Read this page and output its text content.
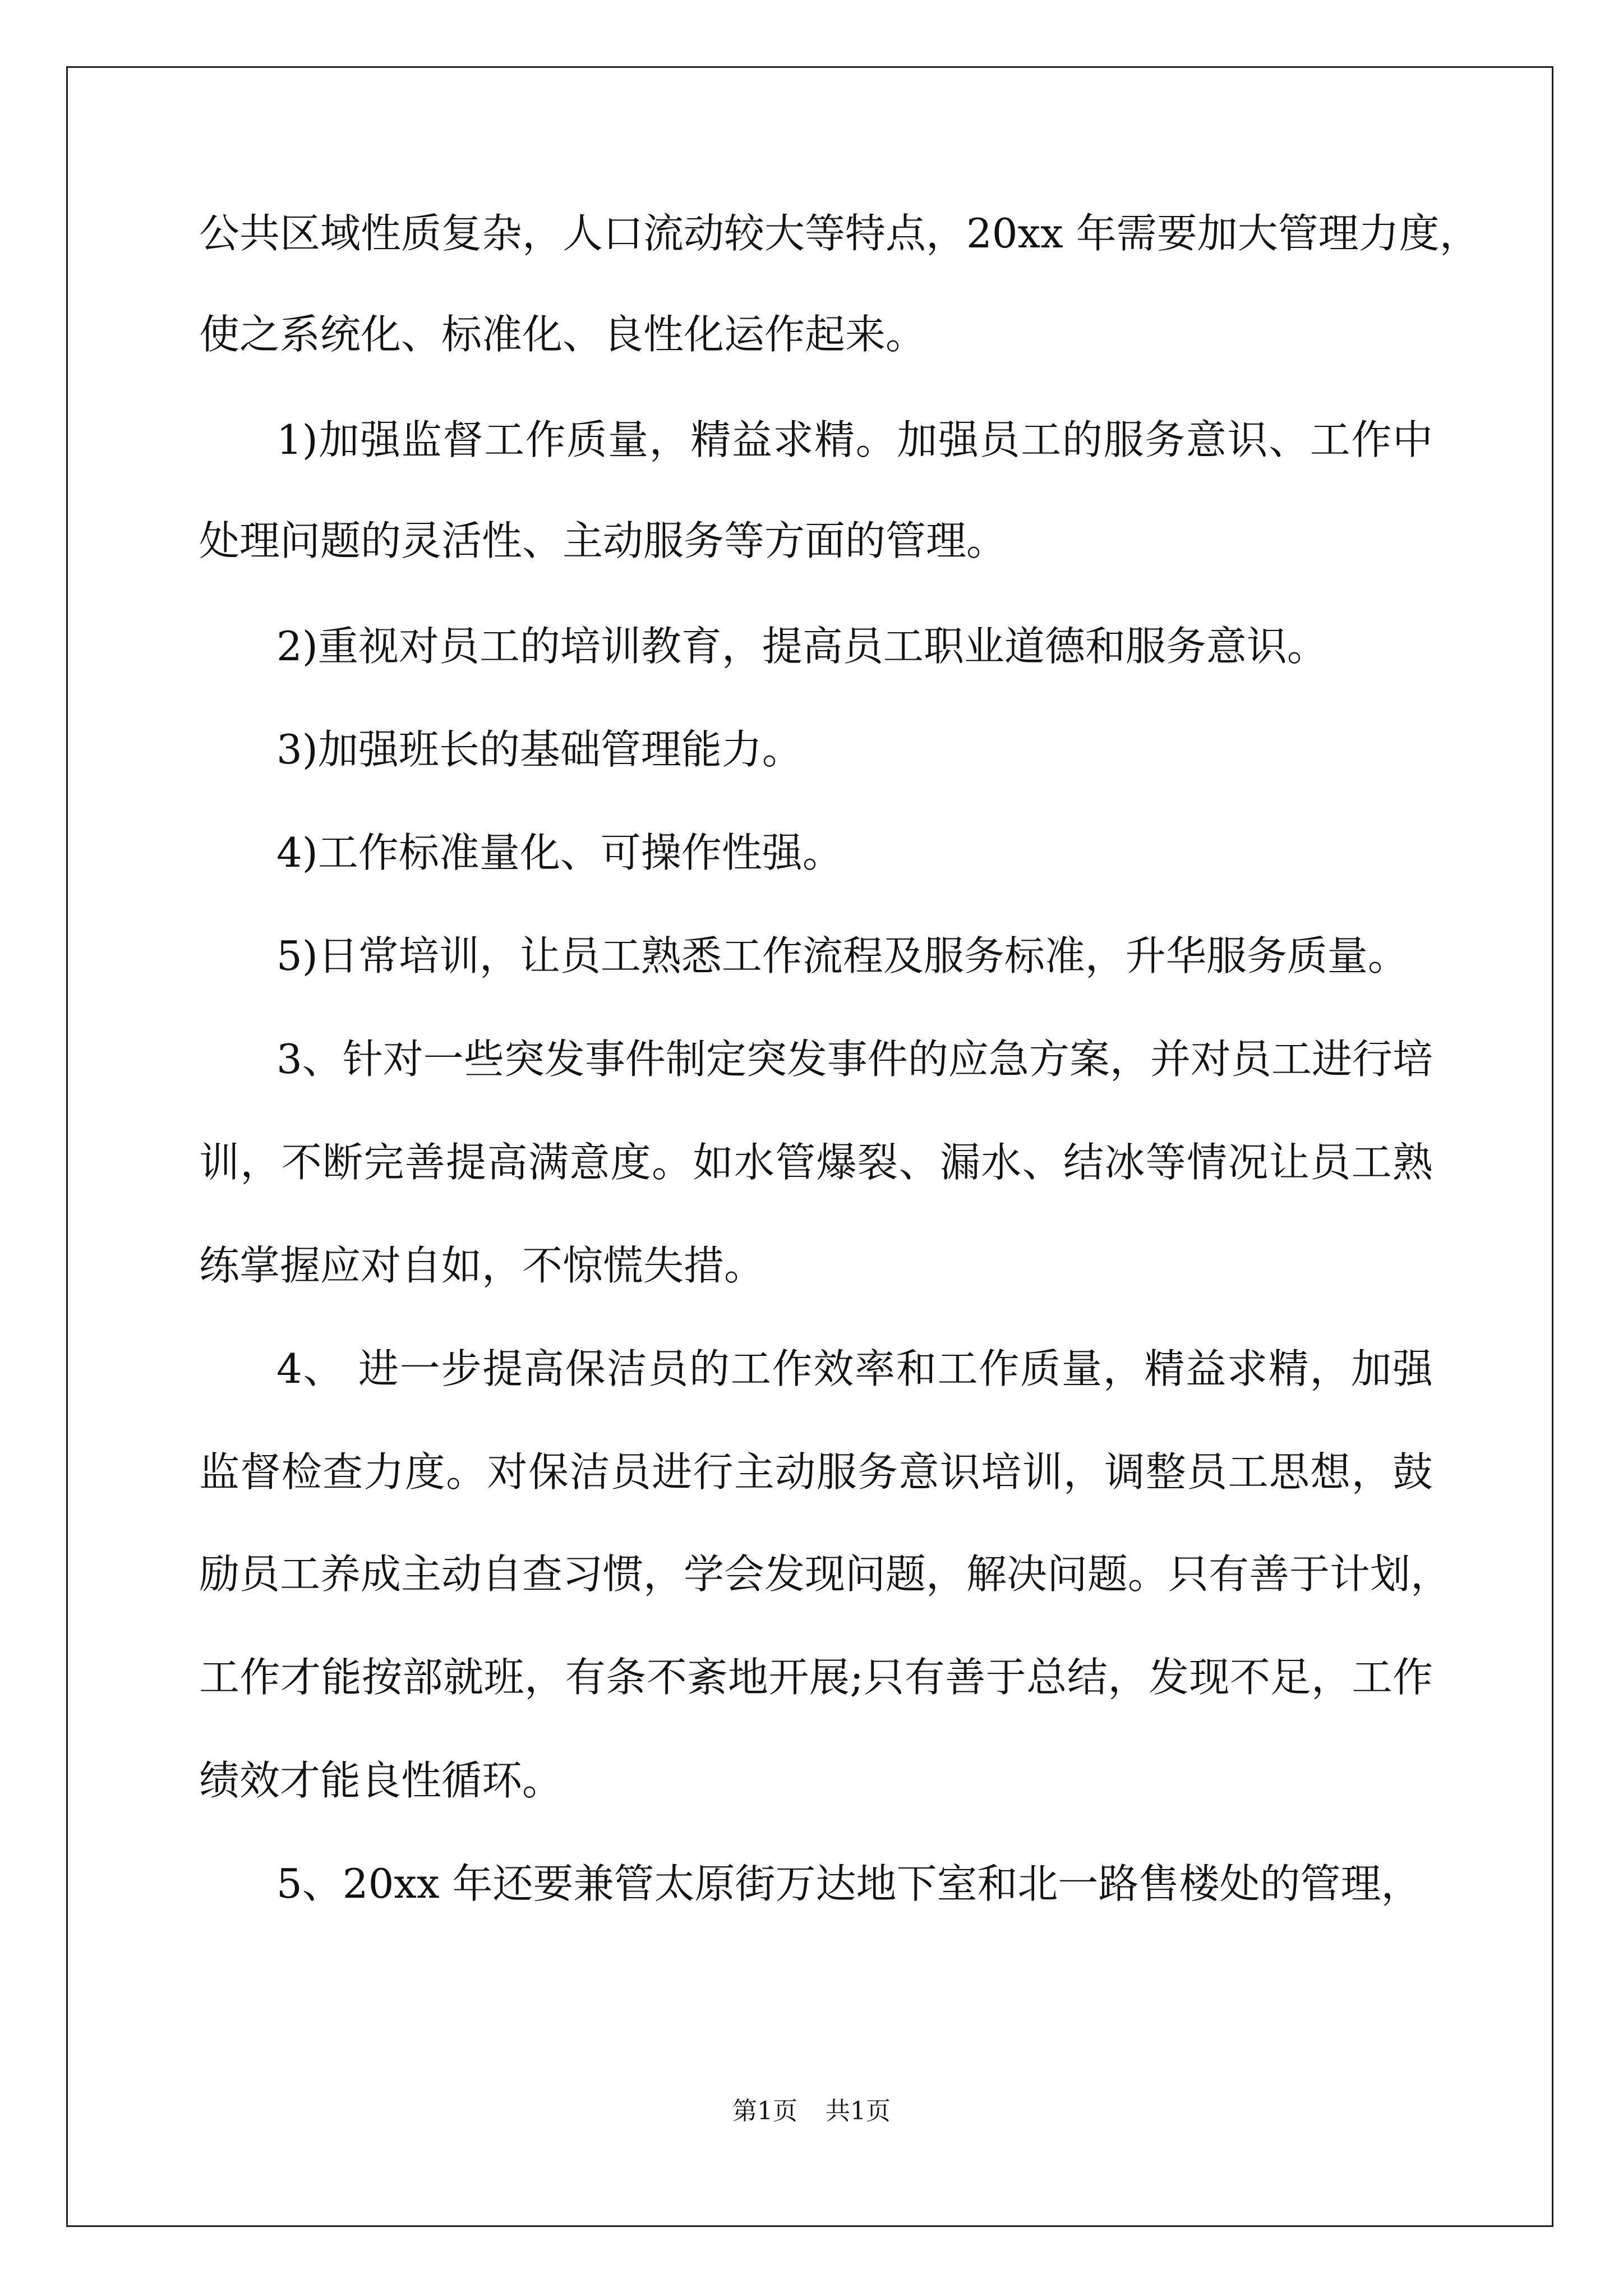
公共区域性质复杂，人口流动较大等特点，20xx 年需要加大管理力度，
使之系统化、标准化、良性化运作起来。
1)加强监督工作质量，精益求精。加强员工的服务意识、工作中
处理问题的灵活性、主动服务等方面的管理。
2)重视对员工的培训教育，提高员工职业道德和服务意识。
3)加强班长的基础管理能力。
4)工作标准量化、可操作性强。
5)日常培训，让员工熟悉工作流程及服务标准，升华服务质量。
3、针对一些突发事件制定突发事件的应急方案，并对员工进行培
训，不断完善提高满意度。如水管爆裂、漏水、结冰等情况让员工熟
练掌握应对自如，不惊慌失措。
4、 进一步提高保洁员的工作效率和工作质量，精益求精，加强
监督检查力度。对保洁员进行主动服务意识培训，调整员工思想，鼓
励员工养成主动自查习惯，学会发现问题，解决问题。只有善于计划，
工作才能按部就班，有条不紊地开展;只有善于总结，发现不足，工作
绩效才能良性循环。
5、20xx 年还要兼管太原街万达地下室和北一路售楼处的管理，
第1页 共1页
